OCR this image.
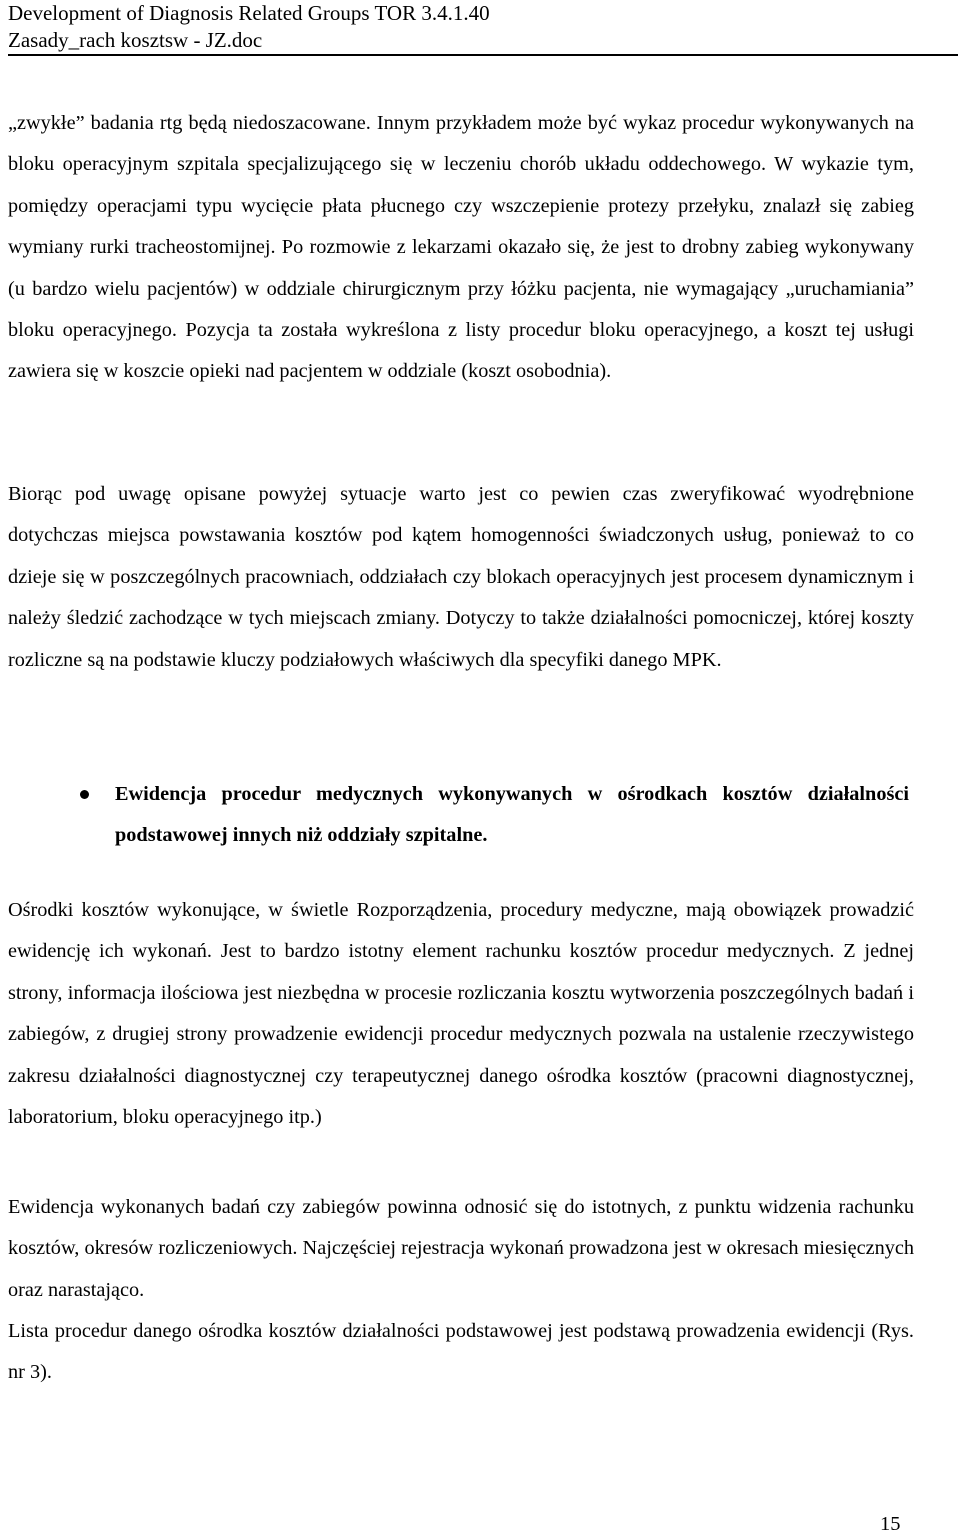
Development of Diagnosis Related Groups TOR 3.4.1.40
Zasady_rach kosztsw - JZ.doc

„zwykłe” badania rtg będą niedoszacowane. Innym przykładem może być wykaz procedur wykonywanych na bloku operacyjnym szpitala specjalizującego się w leczeniu chorób układu oddechowego. W wykazie tym, pomiędzy operacjami typu wycięcie płata płucnego czy wszczepienie protezy przełyku, znalazł się zabieg wymiany rurki tracheostomijnej. Po rozmowie z lekarzami okazało się, że jest to drobny zabieg wykonywany (u bardzo wielu pacjentów) w oddziale chirurgicznym przy łóżku pacjenta, nie wymagający „uruchamiania” bloku operacyjnego. Pozycja ta została wykreślona z listy procedur bloku operacyjnego, a koszt tej usługi zawiera się w koszcie opieki nad pacjentem w oddziale (koszt osobodnia).

Biorąc pod uwagę opisane powyżej sytuacje warto jest co pewien czas zweryfikować wyodrębnione dotychczas miejsca powstawania kosztów pod kątem homogenności świadczonych usług, ponieważ to co dzieje się w poszczególnych pracowniach, oddziałach czy blokach operacyjnych jest procesem dynamicznym i należy śledzić zachodzące w tych miejscach zmiany. Dotyczy to także działalności pomocniczej, której koszty rozliczne są na podstawie kluczy podziałowych właściwych dla specyfiki danego MPK.

Ewidencja procedur medycznych wykonywanych w ośrodkach kosztów działalności podstawowej innych niż oddziały szpitalne.

Ośrodki kosztów wykonujące, w świetle Rozporządzenia, procedury medyczne, mają obowiązek prowadzić ewidencję ich wykonań. Jest to bardzo istotny element rachunku kosztów procedur medycznych. Z jednej strony, informacja ilościowa jest niezbędna w procesie rozliczania kosztu wytworzenia poszczególnych badań i zabiegów, z drugiej strony prowadzenie ewidencji procedur medycznych pozwala na ustalenie rzeczywistego zakresu działalności diagnostycznej czy terapeutycznej danego ośrodka kosztów (pracowni diagnostycznej, laboratorium, bloku operacyjnego itp.)

Ewidencja wykonanych badań czy zabiegów powinna odnosić się do istotnych, z punktu widzenia rachunku kosztów, okresów rozliczeniowych. Najczęściej rejestracja wykonań prowadzona jest w okresach miesięcznych oraz narastająco.

Lista procedur danego ośrodka kosztów działalności podstawowej jest podstawą prowadzenia ewidencji (Rys. nr 3).

15
